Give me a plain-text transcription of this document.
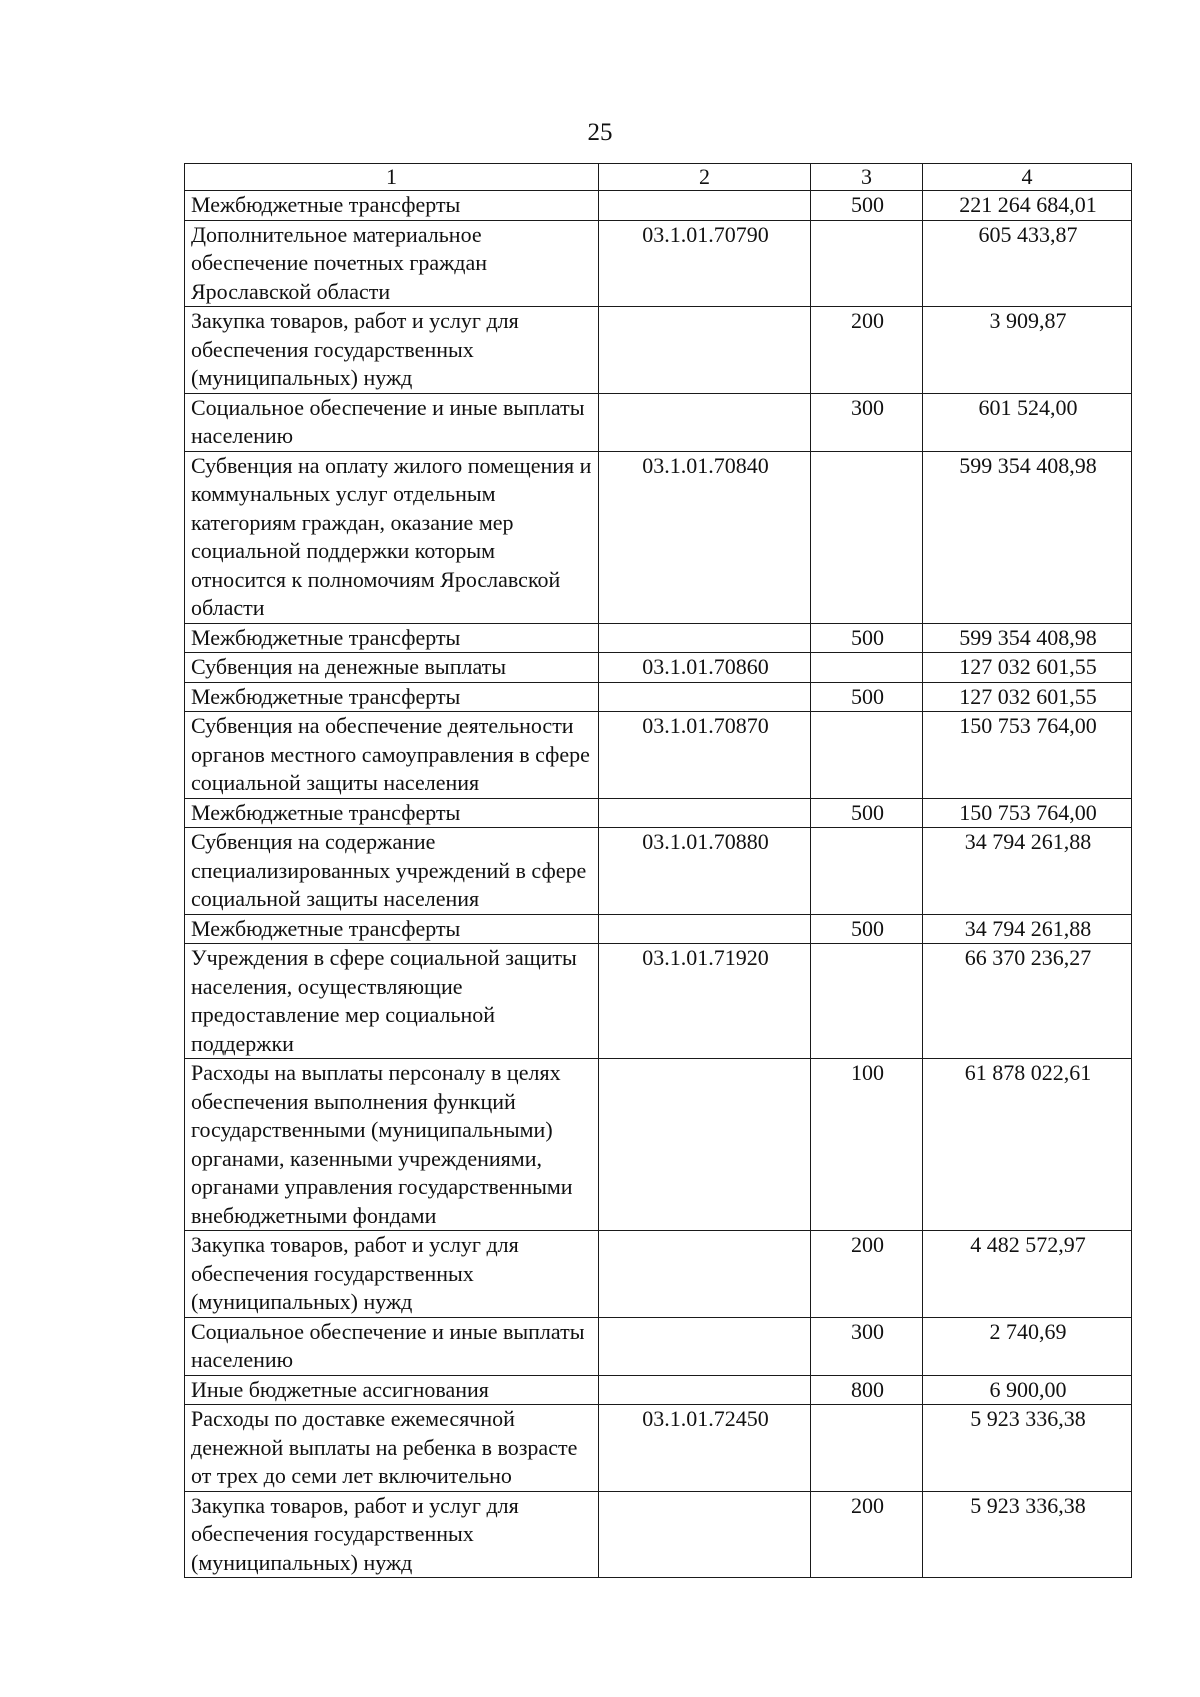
25
1	2	3	4
Межбюджетные трансферты		500	221 264 684,01
Дополнительное материальное обеспечение почетных граждан Ярославской области	03.1.01.70790		605 433,87
Закупка товаров, работ и услуг для обеспечения государственных (муниципальных) нужд		200	3 909,87
Социальное обеспечение и иные выплаты населению		300	601 524,00
Субвенция на оплату жилого помещения и коммунальных услуг отдельным категориям граждан, оказание мер социальной поддержки которым относится к полномочиям Ярославской области	03.1.01.70840		599 354 408,98
Межбюджетные трансферты		500	599 354 408,98
Субвенция на денежные выплаты	03.1.01.70860		127 032 601,55
Межбюджетные трансферты		500	127 032 601,55
Субвенция на обеспечение деятельности органов местного самоуправления в сфере социальной защиты населения	03.1.01.70870		150 753 764,00
Межбюджетные трансферты		500	150 753 764,00
Субвенция на содержание специализированных учреждений в сфере социальной защиты населения	03.1.01.70880		34 794 261,88
Межбюджетные трансферты		500	34 794 261,88
Учреждения в сфере социальной защиты населения, осуществляющие предоставление мер социальной поддержки	03.1.01.71920		66 370 236,27
Расходы на выплаты персоналу в целях обеспечения выполнения функций государственными (муниципальными) органами, казенными учреждениями, органами управления государственными внебюджетными фондами		100	61 878 022,61
Закупка товаров, работ и услуг для обеспечения государственных (муниципальных) нужд		200	4 482 572,97
Социальное обеспечение и иные выплаты населению		300	2 740,69
Иные бюджетные ассигнования		800	6 900,00
Расходы по доставке ежемесячной денежной выплаты на ребенка в возрасте от трех до семи лет включительно	03.1.01.72450		5 923 336,38
Закупка товаров, работ и услуг для обеспечения государственных (муниципальных) нужд		200	5 923 336,38
